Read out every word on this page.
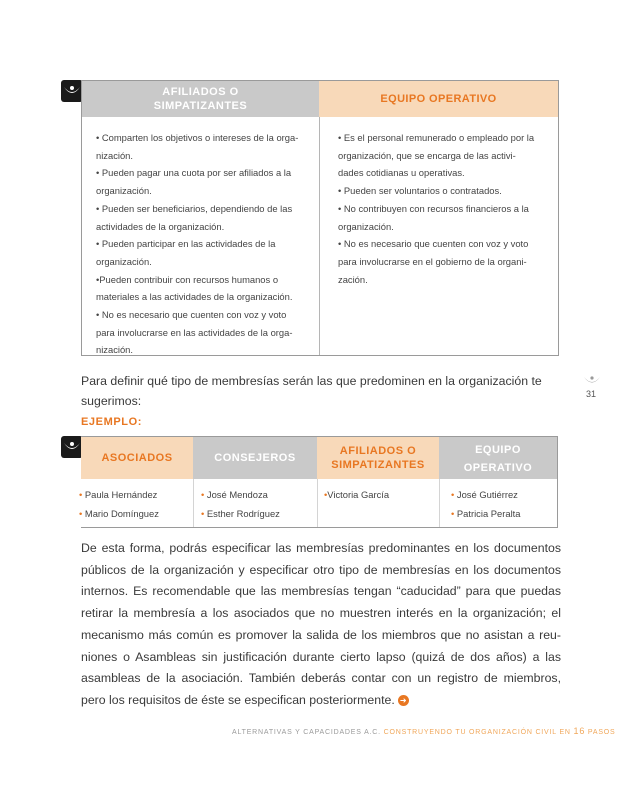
31
AFILIADOS O
SIMPATIZANTES
EQUIPO OPERATIVO

• Comparten los objetivos o intereses de la orga-

nización.

• Pueden pagar una cuota por ser afiliados a la

organización.

• Pueden ser beneficiarios, dependiendo de las

actividades de la organización.

• Pueden participar en las actividades de la

organización.

•Pueden contribuir con recursos humanos o

materiales a las actividades de la organización.

• No es necesario que cuenten con voz y voto

para involucrarse en las actividades de la orga-

nización.

• Es el personal remunerado o empleado por la

organización, que se encarga de las activi-

dades cotidianas u operativas.

• Pueden ser voluntarios o contratados.

• No contribuyen con recursos financieros a la

organización.

• No es necesario que cuenten con voz y voto

para involucrarse en el gobierno de la organi-

zación.

Para definir qué tipo de membresías serán las que predominen en la organización te sugerimos:
EJEMPLO:
ASOCIADOS	CONSEJEROS
AFILIADOS O
SIMPATIZANTES
EQUIPO
OPERATIVO

• Paula Hernández

• Mario Domínguez

• José Mendoza

• Esther Rodríguez

•Victoria García	• José Gutiérrez

• Patricia Peralta

De esta forma, podrás especificar las membresías predominantes en los documentos públicos de la organización y especificar otro tipo de membresías en los documentos internos. Es recomendable que las membresías tengan “caducidad” para que puedas retirar la membresía a los asociados que no muestren interés en la organización; el mecanismo más común es promover la salida de los miembros que no asistan a reu-niones o Asambleas sin justificación durante cierto lapso (quizá de dos años) a las asambleas de la asociación. También deberás contar con un registro de miembros, pero los requisitos de éste se especifican posteriormente. ➜
ALTERNATIVAS Y CAPACIDADES A.C. CONSTRUYENDO TU ORGANIZACIÓN CIVIL EN 16 PASOS
